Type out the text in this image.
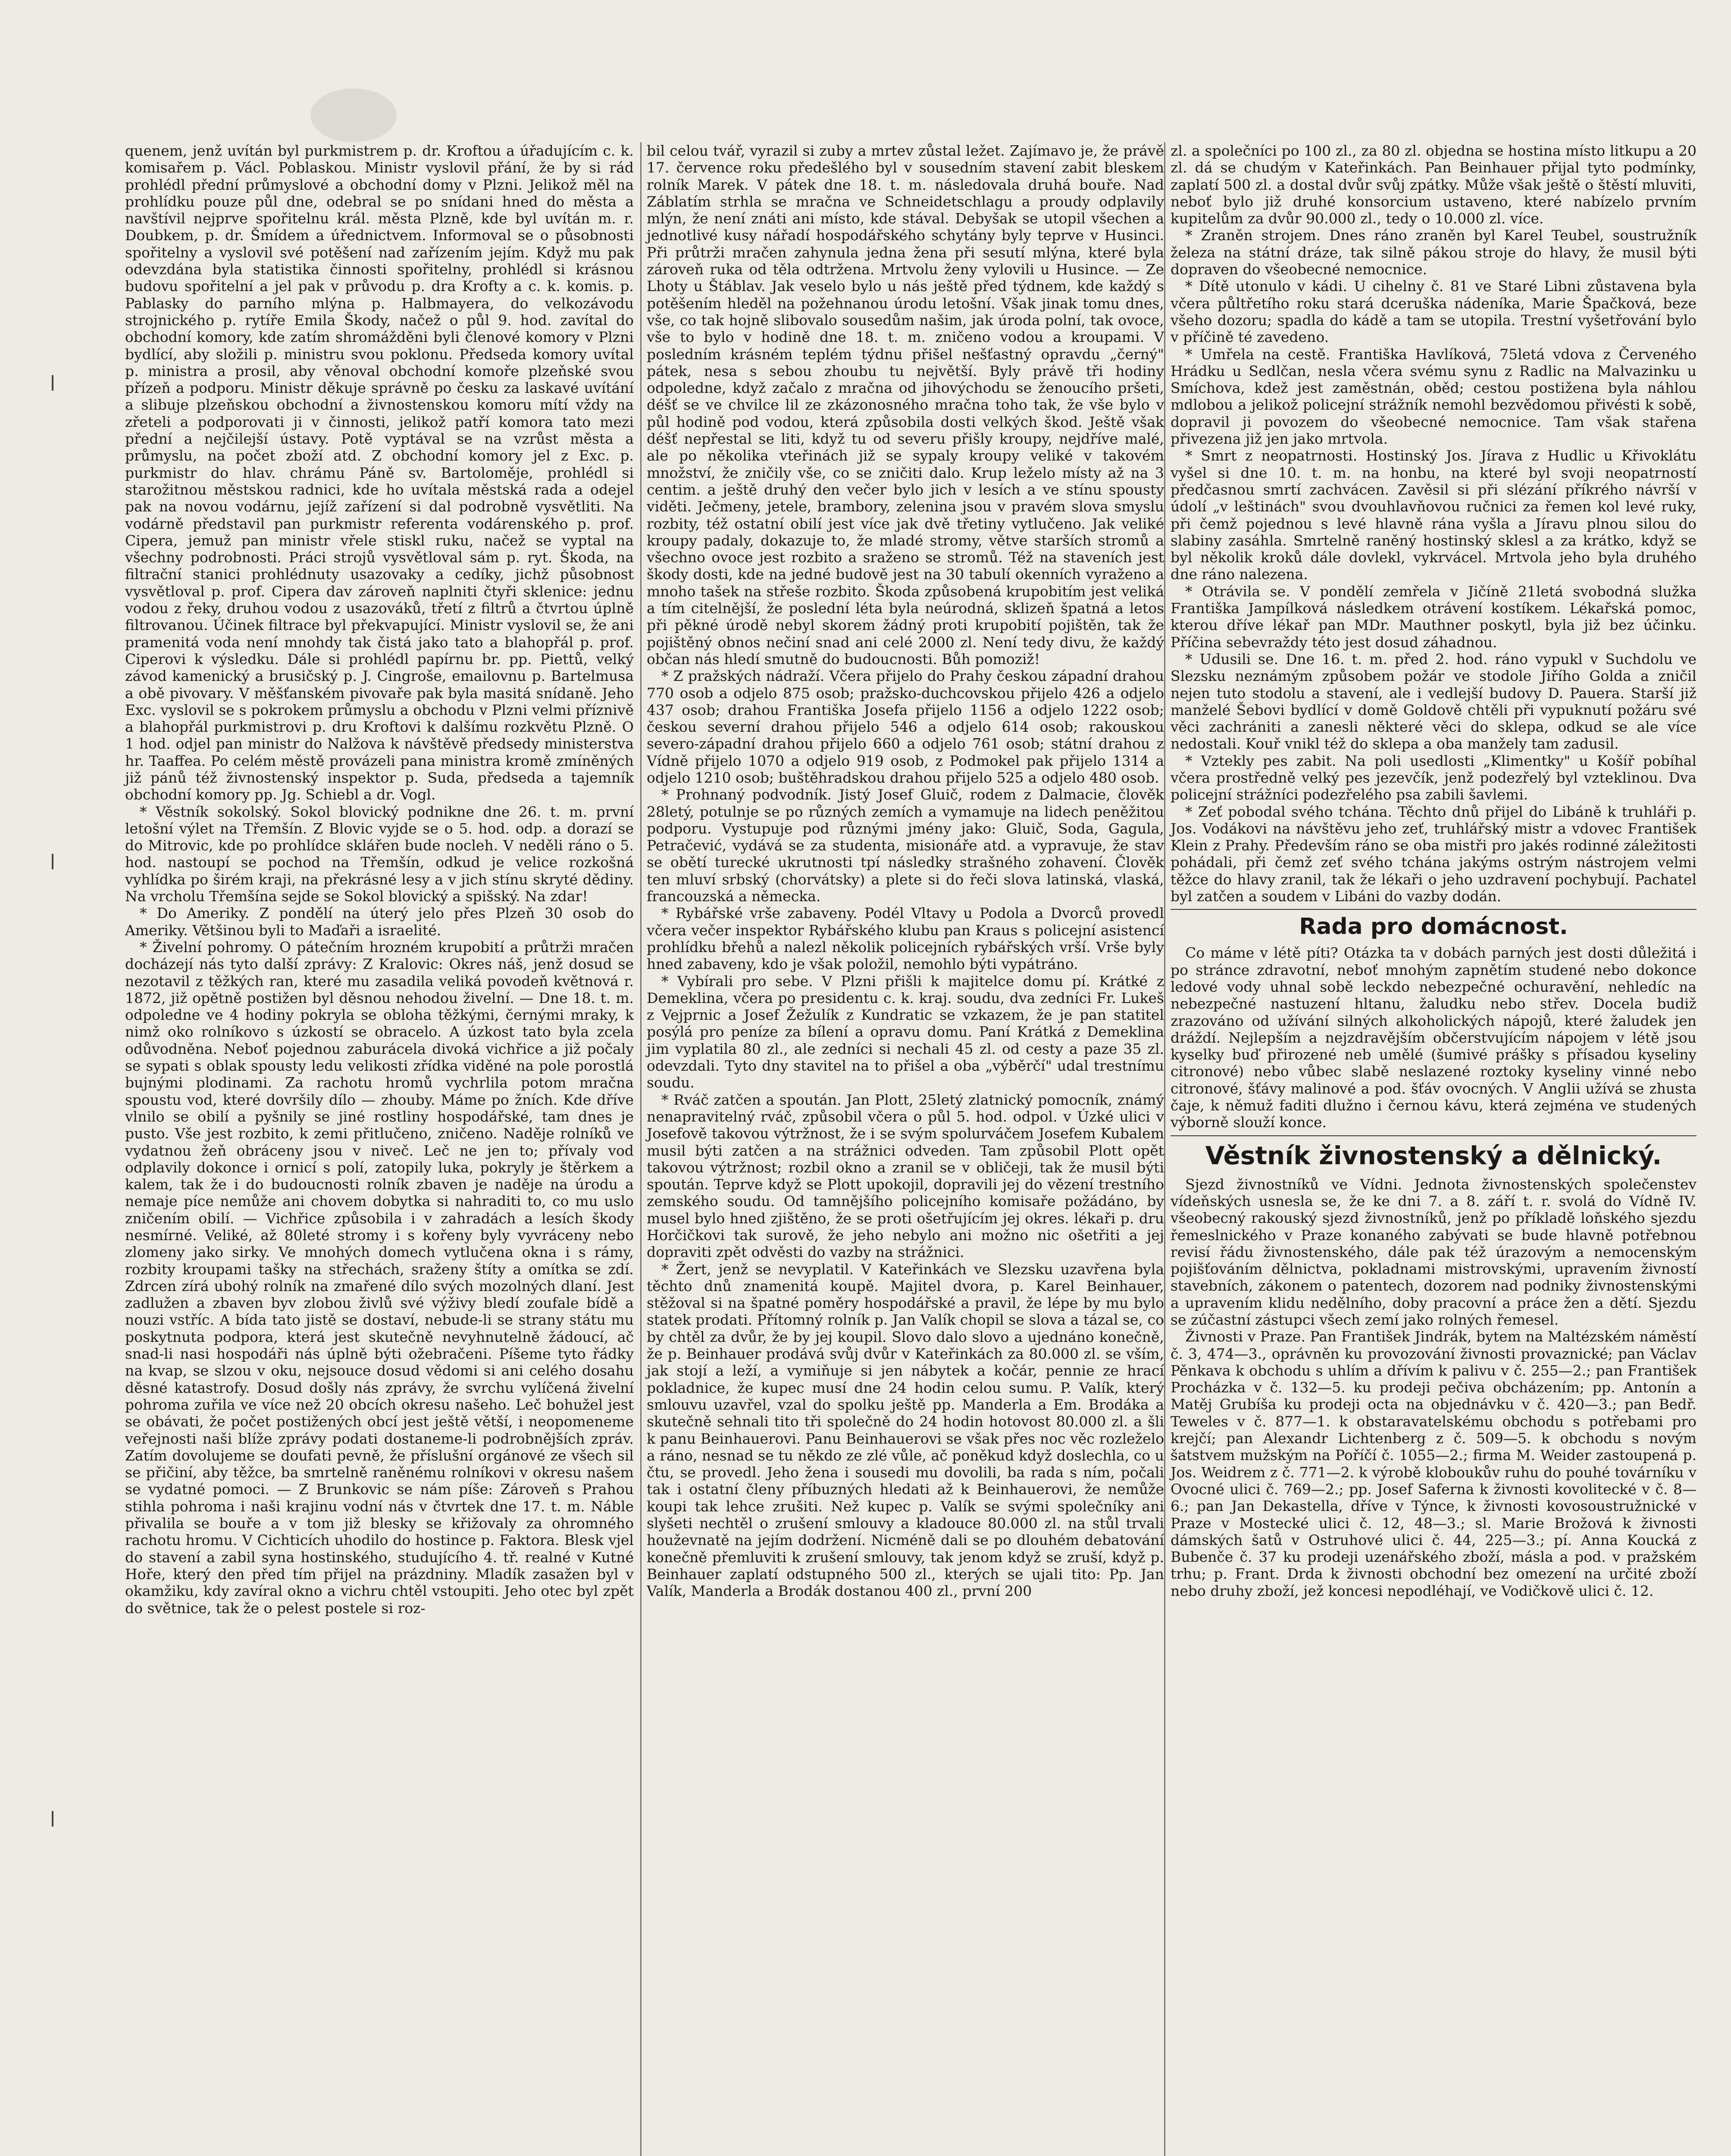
quenem, jenž uvítán byl purkmistrem p. dr. Kroftou a úřadujícím c. k. komisařem p. Václ. Poblaskou. Ministr vyslovil přání, že by si rád prohlédl přední průmyslové a obchodní domy v Plzni. Jelikož měl na prohlídku pouze půl dne, odebral se po snídani hned do města a navštívil nejprve spořitelnu král. města Plzně, kde byl uvítán m. r. Doubkem, p. dr. Šmídem a úřednictvem. Informoval se o působnosti spořitelny a vyslovil své potěšení nad zařízením jejím. Když mu pak odevzdána byla statistika činnosti spořitelny, prohlédl si krásnou budovu spořitelní a jel pak v průvodu p. dra Krofty a c. k. komis. p. Pablasky do parního mlýna p. Halbmayera, do velkozávodu strojnického p. rytíře Emila Škody, načež o půl 9. hod. zavítal do obchodní komory, kde zatím shromážděni byli členové komory v Plzni bydlící, aby složili p. ministru svou poklonu. Předseda komory uvítal p. ministra a prosil, aby věnoval obchodní komoře plzeňské svou přízeň a podporu. Ministr děkuje správně po česku za laskavé uvítání a slibuje plzeňskou obchodní a živnostenskou komoru mítí vždy na zřeteli a podporovati ji v činnosti, jelikož patří komora tato mezi přední a nejčilejší ústavy. Potě vyptával se na vzrůst města a průmyslu, na počet zboží atd. Z obchodní komory jel z Exc. p. purkmistr do hlav. chrámu Páně sv. Bartoloměje, prohlédl si starožitnou městskou radnici, kde ho uvítala městská rada a odejel pak na novou vodárnu, jejíž zařízení si dal podrobně vysvětliti. Na vodárně představil pan purkmistr referenta vodárenského p. prof. Cipera, jemuž pan ministr vřele stiskl ruku, načež se vyptal na všechny podrobnosti. Práci strojů vysvětloval sám p. ryt. Škoda, na filtrační stanici prohlédnuty usazovaky a cedíky, jichž působnost vysvětloval p. prof. Cipera dav zároveň naplniti čtyři sklenice: jednu vodou z řeky, druhou vodou z usazováků, třetí z filtrů a čtvrtou úplně filtrovanou. Účinek filtrace byl překvapující. Ministr vyslovil se, že ani pramenitá voda není mnohdy tak čistá jako tato a blahopřál p. prof. Ciperovi k výsledku. Dále si prohlédl papírnu br. pp. Piettů, velký závod kamenický a brusičský p. J. Cingroše, emailovnu p. Bartelmusa a obě pivovary. V měšťanském pivovaře pak byla masitá snídaně. Jeho Exc. vyslovil se s pokrokem průmyslu a obchodu v Plzni velmi příznivě a blahopřál purkmistrovi p. dru Kroftovi k dalšímu rozkvětu Plzně. O 1 hod. odjel pan ministr do Nalžova k návštěvě předsedy ministerstva hr. Taaffea. Po celém městě provázeli pana ministra kromě zmíněných již pánů též živnostenský inspektor p. Suda, předseda a tajemník obchodní komory pp. Jg. Schiebl a dr. Vogl.

* Věstník sokolský. Sokol blovický podnikne dne 26. t. m. první letošní výlet na Třemšín. Z Blovic vyjde se o 5. hod. odp. a dorazí se do Mitrovic, kde po prohlídce sklářen bude nocleh. V neděli ráno o 5. hod. nastoupí se pochod na Třemšín, odkud je velice rozkošná vyhlídka po širém kraji, na překrásné lesy a v jich stínu skryté dědiny. Na vrcholu Třemšína sejde se Sokol blovický a spišský. Na zdar!

* Do Ameriky. Z pondělí na úterý jelo přes Plzeň 30 osob do Ameriky. Většinou byli to Maďaři a israelité.

* Živelní pohromy. O pátečním hrozném krupobití a průtrži mračen docházejí nás tyto další zprávy: Z Kralovic: Okres náš, jenž dosud se nezotavil z těžkých ran, které mu zasadila veliká povodeň květnová r. 1872, již opětně postižen byl děsnou nehodou živelní. — Dne 18. t. m. odpoledne ve 4 hodiny pokryla se obloha těžkými, černými mraky, k nimž oko rolníkovo s úzkostí se obracelo. A úzkost tato byla zcela odůvodněna. Neboť pojednou zaburácela divoká vichřice a již počaly se sypati s oblak spousty ledu velikosti zřídka viděné na pole porostlá bujnými plodinami. Za rachotu hromů vychrlila potom mračna spoustu vod, které dovršily dílo — zhouby. Máme po žních. Kde dříve vlnilo se obilí a pyšnily se jiné rostliny hospodářské, tam dnes je pusto. Vše jest rozbito, k zemi přitlučeno, zničeno. Naděje rolníků ve vydatnou žeň obráceny jsou v niveč. Leč ne jen to; přívaly vod odplavily dokonce i ornicí s polí, zatopily luka, pokryly je štěrkem a kalem, tak že i do budoucnosti rolník zbaven je naděje na úrodu a nemaje píce nemůže ani chovem dobytka si nahraditi to, co mu uslo zničením obilí. — Vichřice způsobila i v zahradách a lesích škody nesmírné. Veliké, až 80leté stromy i s kořeny byly vyvráceny nebo zlomeny jako sirky. Ve mnohých domech vytlučena okna i s rámy, rozbity kroupami tašky na střechách, sraženy štíty a omítka se zdí. Zdrcen zírá ubohý rolník na zmařené dílo svých mozolných dlaní. Jest zadlužen a zbaven byv zlobou živlů své výživy bledí zoufale bídě a nouzi vstříc. A bída tato jistě se dostaví, nebude-li se strany státu mu poskytnuta podpora, která jest skutečně nevyhnutelně žádoucí, ač snad-li nasi hospodáři nás úplně býti ožebračeni. Píšeme tyto řádky na kvap, se slzou v oku, nejsouce dosud vědomi si ani celého dosahu děsné katastrofy. Dosud došly nás zprávy, že svrchu vylíčená živelní pohroma zuřila ve více než 20 obcích okresu našeho. Leč bohužel jest se obávati, že počet postižených obcí jest ještě větší, i neopomeneme veřejnosti naši blíže zprávy podati dostaneme-li podrobnějších zpráv. Zatím dovolujeme se doufati pevně, že příslušní orgánové ze všech sil se přičiní, aby těžce, ba smrtelně raněnému rolníkovi v okresu našem se vydatné pomoci. — Z Brunkovic se nám píše: Zároveň s Prahou stihla pohroma i naši krajinu vodní nás v čtvrtek dne 17. t. m. Náble přivalila se bouře a v tom již blesky se křižovaly za ohromného rachotu hromu. V Cichticích uhodilo do hostince p. Faktora. Blesk vjel do stavení a zabil syna hostinského, studujícího 4. tř. realné v Kutné Hoře, který den před tím přijel na prázdniny. Mladík zasažen byl v okamžiku, kdy zavíral okno a vichru chtěl vstoupiti. Jeho otec byl zpět do světnice, tak že o pelest postele si roz-

bil celou tvář, vyrazil si zuby a mrtev zůstal ležet. Zajímavo je, že právě 17. července roku předešlého byl v sousedním stavení zabit bleskem rolník Marek. V pátek dne 18. t. m. následovala druhá bouře. Nad Záblatím strhla se mračna ve Schneidetschlagu a proudy odplavily mlýn, že není znáti ani místo, kde stával. Debyšak se utopil všechen a jednotlivé kusy nářadí hospodářského schytány byly teprve v Husinci. Při průtrži mračen zahynula jedna žena při sesutí mlýna, které byla zároveň ruka od těla odtržena. Mrtvolu ženy vylovili u Husince. — Ze Lhoty u Štáblav. Jak veselo bylo u nás ještě před týdnem, kde každý s potěšením hleděl na požehnanou úrodu letošní. Však jinak tomu dnes, vše, co tak hojně slibovalo sousedům našim, jak úroda polní, tak ovoce, vše to bylo v hodině dne 18. t. m. zničeno vodou a kroupami. V posledním krásném teplém týdnu přišel nešťastný opravdu „černý" pátek, nesa s sebou zhoubu tu největší. Byly právě tři hodiny odpoledne, když začalo z mračna od jihovýchodu se ženoucího pršeti, déšť se ve chvilce lil ze zkázonosného mračna toho tak, že vše bylo v půl hodině pod vodou, která způsobila dosti velkých škod. Ještě však déšť nepřestal se liti, když tu od severu přišly kroupy, nejdříve malé, ale po několika vteřinách již se sypaly kroupy veliké v takovém množství, že zničily vše, co se zničiti dalo. Krup leželo místy až na 3 centim. a ještě druhý den večer bylo jich v lesích a ve stínu spousty viděti. Ječmeny, jetele, brambory, zelenina jsou v pravém slova smyslu rozbity, též ostatní obilí jest více jak dvě třetiny vytlučeno. Jak veliké kroupy padaly, dokazuje to, že mladé stromy, větve starších stromů a všechno ovoce jest rozbito a sraženo se stromů. Též na staveních jest škody dosti, kde na jedné budově jest na 30 tabulí okenních vyraženo a mnoho tašek na střeše rozbito. Škoda způsobená krupobitím jest veliká a tím citelnější, že poslední léta byla neúrodná, sklizeň špatná a letos při pěkné úrodě nebyl skorem žádný proti krupobití pojištěn, tak že pojištěný obnos nečiní snad ani celé 2000 zl. Není tedy divu, že každý občan nás hledí smutně do budoucnosti. Bůh pomoziž!

* Z pražských nádraží. Včera přijelo do Prahy českou západní drahou 770 osob a odjelo 875 osob; pražsko-duchcovskou přijelo 426 a odjelo 437 osob; drahou Františka Josefa přijelo 1156 a odjelo 1222 osob; českou severní drahou přijelo 546 a odjelo 614 osob; rakouskou severo-západní drahou přijelo 660 a odjelo 761 osob; státní drahou z Vídně přijelo 1070 a odjelo 919 osob, z Podmokel pak přijelo 1314 a odjelo 1210 osob; buštěhradskou drahou přijelo 525 a odjelo 480 osob.

* Prohnaný podvodník. Jistý Josef Gluič, rodem z Dalmacie, člověk 28letý, potulnje se po různých zemích a vymamuje na lidech peněžitou podporu. Vystupuje pod různými jmény jako: Gluič, Soda, Gagula, Petračević, vydává se za studenta, misionáře atd. a vypravuje, že stav se obětí turecké ukrutnosti tpí následky strašného zohavení. Člověk ten mluví srbský (chorvátsky) a plete si do řeči slova latinská, vlaská, francouzská a německa.

* Rybářské vrše zabaveny. Podél Vltavy u Podola a Dvorců provedl včera večer inspektor Rybářského klubu pan Kraus s policejní asistencí prohlídku břehů a nalezl několik policejních rybářských vrší. Vrše byly hned zabaveny, kdo je však položil, nemohlo býti vypátráno.

* Vybírali pro sebe. V Plzni přišli k majitelce domu pí. Krátké z Demeklina, včera po presidentu c. k. kraj. soudu, dva zedníci Fr. Lukeš z Vejprnic a Josef Žežulík z Kundratic se vzkazem, že je pan statitel posýlá pro peníze za bílení a opravu domu. Paní Krátká z Demeklina jim vyplatila 80 zl., ale zedníci si nechali 45 zl. od cesty a paze 35 zl. odevzdali. Tyto dny stavitel na to přišel a oba „výběrčí" udal trestnímu soudu.

* Rváč zatčen a spoután. Jan Plott, 25letý zlatnický pomocník, známý nenapravitelný rváč, způsobil včera o půl 5. hod. odpol. v Úzké ulici v Josefově takovou výtržnost, že i se svým spolurváčem Josefem Kubalem musil býti zatčen a na strážnici odveden. Tam způsobil Plott opět takovou výtržnost; rozbil okno a zranil se v obličeji, tak že musil býti spoután. Teprve když se Plott upokojil, dopravili jej do vězení trestního zemského soudu. Od tamnějšího policejního komisaře požádáno, by musel bylo hned zjištěno, že se proti ošetřujícím jej okres. lékaři p. dru Horčičkovi tak surově, že jeho nebylo ani možno nic ošetřiti a jej dopraviti zpět odvěsti do vazby na strážnici.

* Žert, jenž se nevyplatil. V Kateřinkách ve Slezsku uzavřena byla těchto dnů znamenitá koupě. Majitel dvora, p. Karel Beinhauer, stěžoval si na špatné poměry hospodářské a pravil, že lépe by mu bylo statek prodati. Přítomný rolník p. Jan Valík chopil se slova a tázal se, co by chtěl za dvůr, že by jej koupil. Slovo dalo slovo a ujednáno konečně, že p. Beinhauer prodává svůj dvůr v Kateřinkách za 80.000 zl. se vším, jak stojí a leží, a vymiňuje si jen nábytek a kočár, pennie ze hrací pokladnice, že kupec musí dne 24 hodin celou sumu. P. Valík, který smlouvu uzavřel, vzal do spolku ještě pp. Manderla a Em. Brodáka a skutečně sehnali tito tři společně do 24 hodin hotovost 80.000 zl. a šli k panu Beinhauerovi. Panu Beinhauerovi se však přes noc věc rozleželo a ráno, nesnad se tu někdo ze zlé vůle, ač poněkud když doslechla, co u čtu, se provedl. Jeho žena i sousedi mu dovolili, ba rada s ním, počali tak i ostatní členy příbuzných hledati až k Beinhauerovi, že nemůže koupi tak lehce zrušiti. Než kupec p. Valík se svými společníky ani slyšeti nechtěl o zrušení smlouvy a kladouce 80.000 zl. na stůl trvali houževnatě na jejím dodržení. Nicméně dali se po dlouhém debatování konečně přemluviti k zrušení smlouvy, tak jenom když se zruší, když p. Beinhauer zaplatí odstupného 500 zl., kterých se ujali tito: Pp. Jan Valík, Manderla a Brodák dostanou 400 zl., první 200

zl. a společníci po 100 zl., za 80 zl. objedna se hostina místo litkupu a 20 zl. dá se chudým v Kateřinkách. Pan Beinhauer přijal tyto podmínky, zaplatí 500 zl. a dostal dvůr svůj zpátky. Může však ještě o štěstí mluviti, neboť bylo již druhé konsorcium ustaveno, které nabízelo prvním kupitelům za dvůr 90.000 zl., tedy o 10.000 zl. více.

* Zraněn strojem. Dnes ráno zraněn byl Karel Teubel, soustružník železa na státní dráze, tak silně pákou stroje do hlavy, že musil býti dopraven do všeobecné nemocnice.

* Dítě utonulo v kádi. U cihelny č. 81 ve Staré Libni zůstavena byla včera půltřetího roku stará dceruška nádeníka, Marie Špačková, beze všeho dozoru; spadla do kádě a tam se utopila. Trestní vyšetřování bylo v příčině té zavedeno.

* Umřela na cestě. Františka Havlíková, 75letá vdova z Červeného Hrádku u Sedlčan, nesla včera svému synu z Radlic na Malvazinku u Smíchova, kdež jest zaměstnán, oběd; cestou postižena byla náhlou mdlobou a jelikož policejní strážník nemohl bezvědomou přivésti k sobě, dopravil ji povozem do všeobecné nemocnice. Tam však stařena přivezena již jen jako mrtvola.

* Smrt z neopatrnosti. Hostinský Jos. Jírava z Hudlic u Křivoklátu vyšel si dne 10. t. m. na honbu, na které byl svoji neopatrností předčasnou smrtí zachvácen. Zavěsil si při slézání příkrého návrší v údolí „v leštinách" svou dvouhlavňovou ručnici za řemen kol levé ruky, při čemž pojednou s levé hlavně rána vyšla a Jíravu plnou silou do slabiny zasáhla. Smrtelně raněný hostinský sklesl a za krátko, když se byl několik kroků dále dovlekl, vykrvácel. Mrtvola jeho byla druhého dne ráno nalezena.

* Otrávila se. V pondělí zemřela v Jičíně 21letá svobodná služka Františka Jampílková následkem otrávení kostíkem. Lékařská pomoc, kterou dříve lékař pan MDr. Mauthner poskytl, byla již bez účinku. Příčina sebevraždy této jest dosud záhadnou.

* Udusili se. Dne 16. t. m. před 2. hod. ráno vypukl v Suchdolu ve Slezsku neznámým způsobem požár ve stodole Jiřího Golda a zničil nejen tuto stodolu a stavení, ale i vedlejší budovy D. Pauera. Starší již manželé Šebovi bydlící v domě Goldově chtěli při vypuknutí požáru své věci zachrániti a zanesli některé věci do sklepa, odkud se ale více nedostali. Kouř vnikl též do sklepa a oba manžely tam zadusil.

* Vztekly pes zabit. Na poli usedlosti „Klimentky" u Košíř pobíhal včera prostředně velký pes jezevčík, jenž podezřelý byl vzteklinou. Dva policejní strážníci podezřelého psa zabili šavlemi.

* Zeť pobodal svého tchána. Těchto dnů přijel do Libáně k truhláři p. Jos. Vodákovi na návštěvu jeho zeť, truhlářský mistr a vdovec František Klein z Prahy. Především ráno se oba mistři pro jakés rodinné záležitosti pohádali, při čemž zeť svého tchána jakýms ostrým nástrojem velmi těžce do hlavy zranil, tak že lékaři o jeho uzdravení pochybují. Pachatel byl zatčen a soudem v Libáni do vazby dodán.

Rada pro domácnost.

Co máme v létě píti? Otázka ta v dobách parných jest dosti důležitá i po stránce zdravotní, neboť mnohým zapnětím studené nebo dokonce ledové vody uhnal sobě leckdo nebezpečné ochuravění, nehledíc na nebezpečné nastuzení hltanu, žaludku nebo střev. Docela budiž zrazováno od užívání silných alkoholických nápojů, které žaludek jen dráždí. Nejlepším a nejzdravějším občerstvujícím nápojem v létě jsou kyselky buď přirozené neb umělé (šumivé prášky s přísadou kyseliny citronové) nebo vůbec slabě neslazené roztoky kyseliny vinné nebo citronové, šťávy malinové a pod. šťáv ovocných. V Anglii užívá se zhusta čaje, k němuž faditi dlužno i černou kávu, která zejména ve studených výborně slouží konce.

Věstník živnostenský a dělnický.

Sjezd živnostníků ve Vídni. Jednota živnostenských společenstev vídeňských usnesla se, že ke dni 7. a 8. září t. r. svolá do Vídně IV. všeobecný rakouský sjezd živnostníků, jenž po příkladě loňského sjezdu řemeslnického v Praze konaného zabývati se bude hlavně potřebnou revisí řádu živnostenského, dále pak též úrazovým a nemocenským pojišťováním dělnictva, pokladnami mistrovskými, upravením živností stavebních, zákonem o patentech, dozorem nad podniky živnostenskými a upravením klidu nedělního, doby pracovní a práce žen a dětí. Sjezdu se zúčastní zástupci všech zemí jako rolných řemesel.

Živnosti v Praze. Pan František Jindrák, bytem na Maltézském náměstí č. 3, 474—3., oprávněn ku provozování živnosti provaznické; pan Václav Pěnkava k obchodu s uhlím a dřívím k palivu v č. 255—2.; pan František Procházka v č. 132—5. ku prodeji pečiva obcházením; pp. Antonín a Matěj Grubíša ku prodeji octa na objednávku v č. 420—3.; pan Bedř. Teweles v č. 877—1. k obstaravatelskému obchodu s potřebami pro krejčí; pan Alexandr Lichtenberg z č. 509—5. k obchodu s novým šatstvem mužským na Poříčí č. 1055—2.; firma M. Weider zastoupená p. Jos. Weidrem z č. 771—2. k výrobě kloboukův ruhu do pouhé továrníku v Ovocné ulici č. 769—2.; pp. Josef Saferna k živnosti kovolitecké v č. 8—6.; pan Jan Dekastella, dříve v Týnce, k živnosti kovosoustružnické v Praze v Mostecké ulici č. 12, 48—3.; sl. Marie Brožová k živnosti dámských šatů v Ostruhové ulici č. 44, 225—3.; pí. Anna Koucká z Bubenče č. 37 ku prodeji uzenářského zboží, másla a pod. v pražském trhu; p. Frant. Drda k živnosti obchodní bez omezení na určité zboží nebo druhy zboží, jež koncesi nepodléhají, ve Vodičkově ulici č. 12.
